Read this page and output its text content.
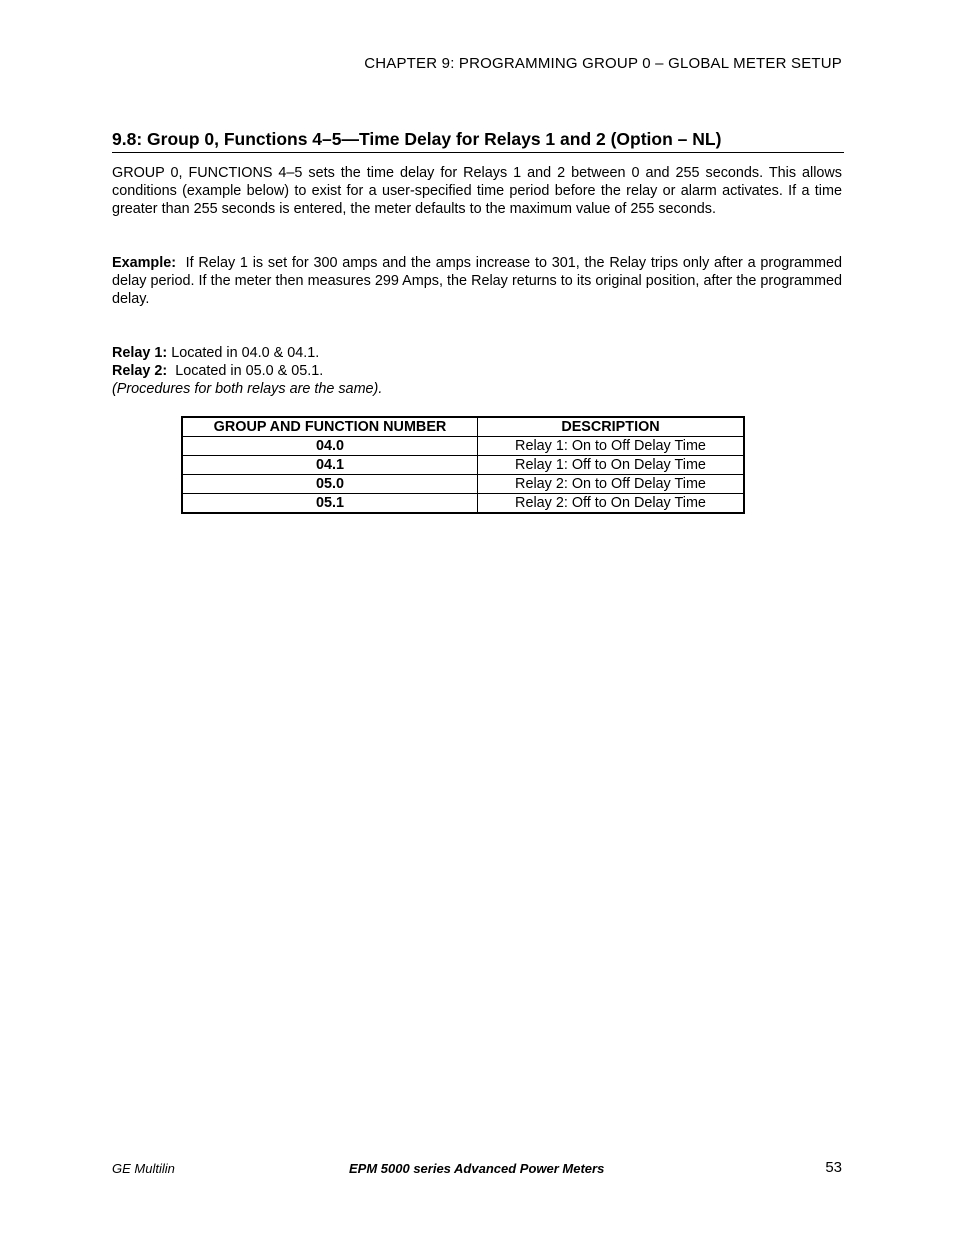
CHAPTER 9: PROGRAMMING GROUP 0 – GLOBAL METER SETUP
9.8: Group 0, Functions 4–5—Time Delay for Relays 1 and 2 (Option – NL)

GROUP 0, FUNCTIONS 4–5 sets the time delay for Relays 1 and 2 between 0 and 255 seconds. This allows conditions (example below) to exist for a user-specified time period before the relay or alarm activates. If a time greater than 255 seconds is entered, the meter defaults to the maximum value of 255 seconds.

Example: If Relay 1 is set for 300 amps and the amps increase to 301, the Relay trips only after a programmed delay period. If the meter then measures 299 Amps, the Relay returns to its original position, after the programmed delay.

Relay 1: Located in 04.0 & 04.1.
Relay 2: Located in 05.0 & 05.1.
(Procedures for both relays are the same).
GROUP AND FUNCTION NUMBER	DESCRIPTION
04.0	Relay 1: On to Off Delay Time
04.1	Relay 1: Off to On Delay Time
05.0	Relay 2: On to Off Delay Time
05.1	Relay 2: Off to On Delay Time
GE Multilin	EPM 5000 series Advanced Power Meters	53
